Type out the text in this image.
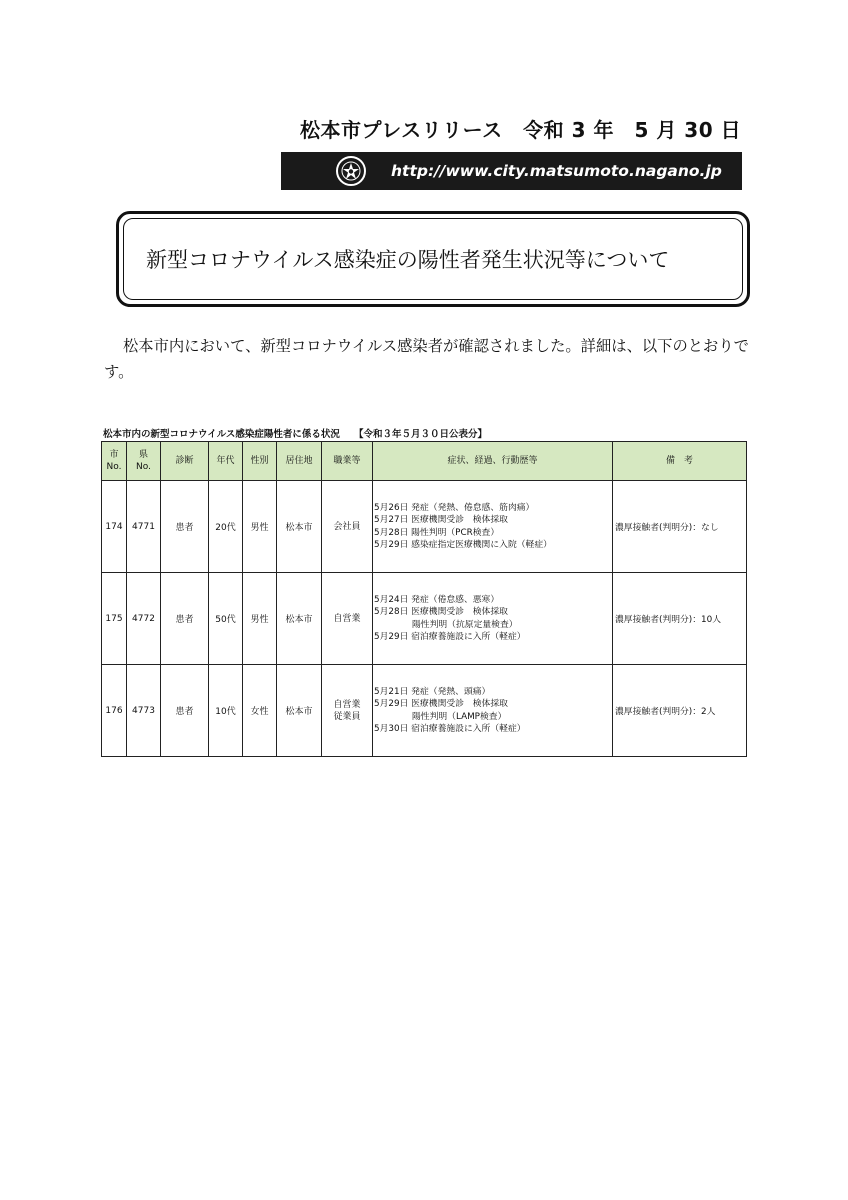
松本市プレスリリース　令和 3 年　5 月 30 日
http://www.city.matsumoto.nagano.jp
新型コロナウイルス感染症の陽性者発生状況等について

松本市内において、新型コロナウイルス感染者が確認されました。詳細は、以下のとおりです。

松本市内の新型コロナウイルス感染症陽性者に係る状況 【令和３年５月３０日公表分】
市
No.	県
No.	診断	年代	性別	居住地	職業等	症状、経過、行動歴等	備　考
174	4771	患者	20代	男性	松本市	会社員	5月26日 発症（発熱、倦怠感、筋肉痛）
5月27日 医療機関受診　検体採取
5月28日 陽性判明（PCR検査）
5月29日 感染症指定医療機関に入院（軽症）	濃厚接触者(判明分)：なし
175	4772	患者	50代	男性	松本市	自営業	5月24日 発症（倦怠感、悪寒）
5月28日 医療機関受診　検体採取
　　　　 陽性判明（抗原定量検査）
5月29日 宿泊療養施設に入所（軽症）	濃厚接触者(判明分)：10人
176	4773	患者	10代	女性	松本市	自営業
従業員	5月21日 発症（発熱、頭痛）
5月29日 医療機関受診　検体採取
　　　　 陽性判明（LAMP検査）
5月30日 宿泊療養施設に入所（軽症）	濃厚接触者(判明分)：2人
